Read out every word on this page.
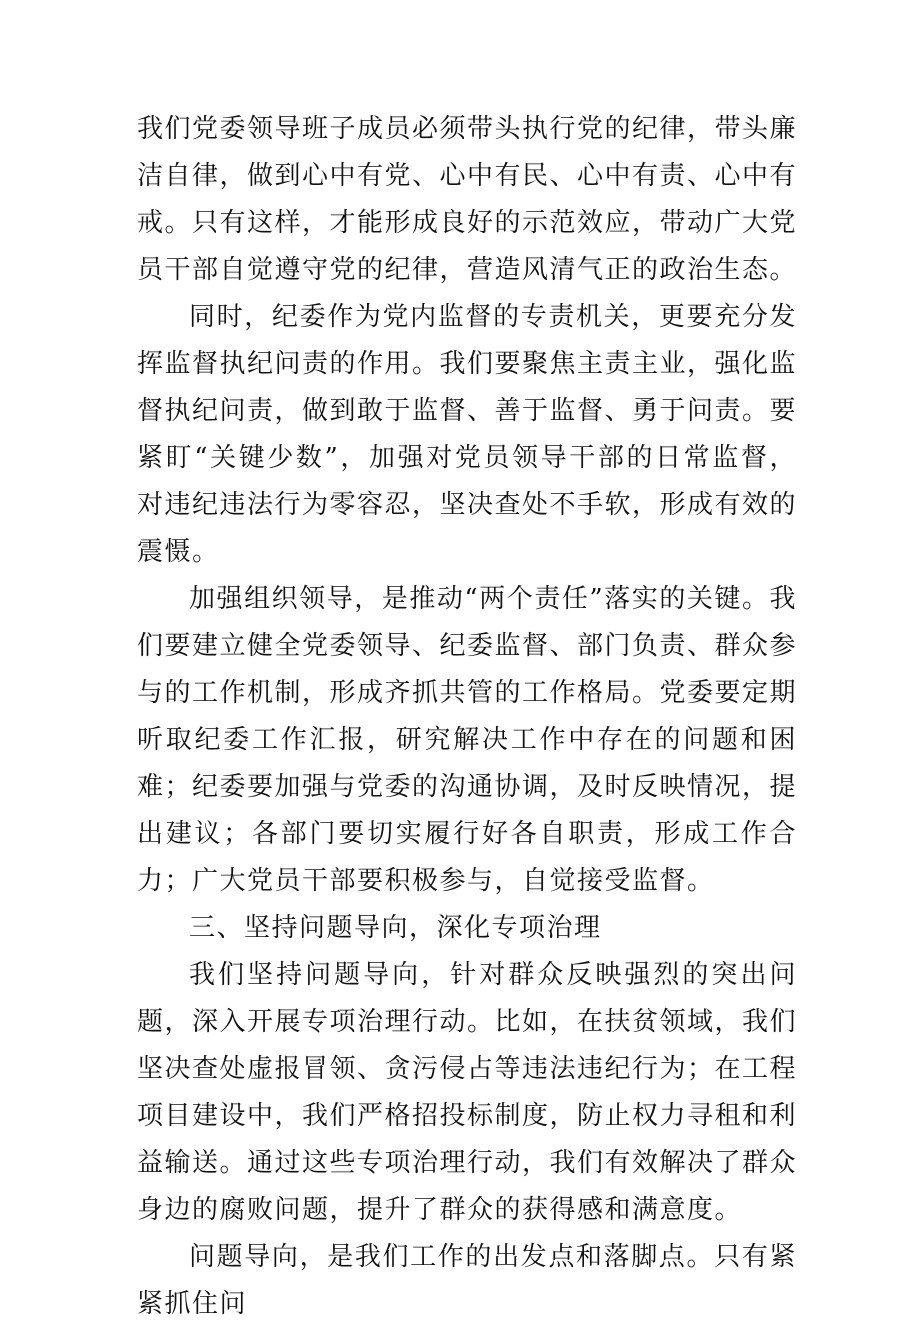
我们党委领导班子成员必须带头执行党的纪律，带头廉洁自律，做到心中有党、心中有民、心中有责、心中有戒。只有这样，才能形成良好的示范效应，带动广大党员干部自觉遵守党的纪律，营造风清气正的政治生态。

同时，纪委作为党内监督的专责机关，更要充分发挥监督执纪问责的作用。我们要聚焦主责主业，强化监督执纪问责，做到敢于监督、善于监督、勇于问责。要紧盯“关键少数”，加强对党员领导干部的日常监督，对违纪违法行为零容忍，坚决查处不手软，形成有效的震慑。

加强组织领导，是推动“两个责任”落实的关键。我们要建立健全党委领导、纪委监督、部门负责、群众参与的工作机制，形成齐抓共管的工作格局。党委要定期听取纪委工作汇报，研究解决工作中存在的问题和困难；纪委要加强与党委的沟通协调，及时反映情况，提出建议；各部门要切实履行好各自职责，形成工作合力；广大党员干部要积极参与，自觉接受监督。

三、坚持问题导向，深化专项治理

我们坚持问题导向，针对群众反映强烈的突出问题，深入开展专项治理行动。比如，在扶贫领域，我们坚决查处虚报冒领、贪污侵占等违法违纪行为；在工程项目建设中，我们严格招投标制度，防止权力寻租和利益输送。通过这些专项治理行动，我们有效解决了群众身边的腐败问题，提升了群众的获得感和满意度。

问题导向，是我们工作的出发点和落脚点。只有紧紧抓住问
